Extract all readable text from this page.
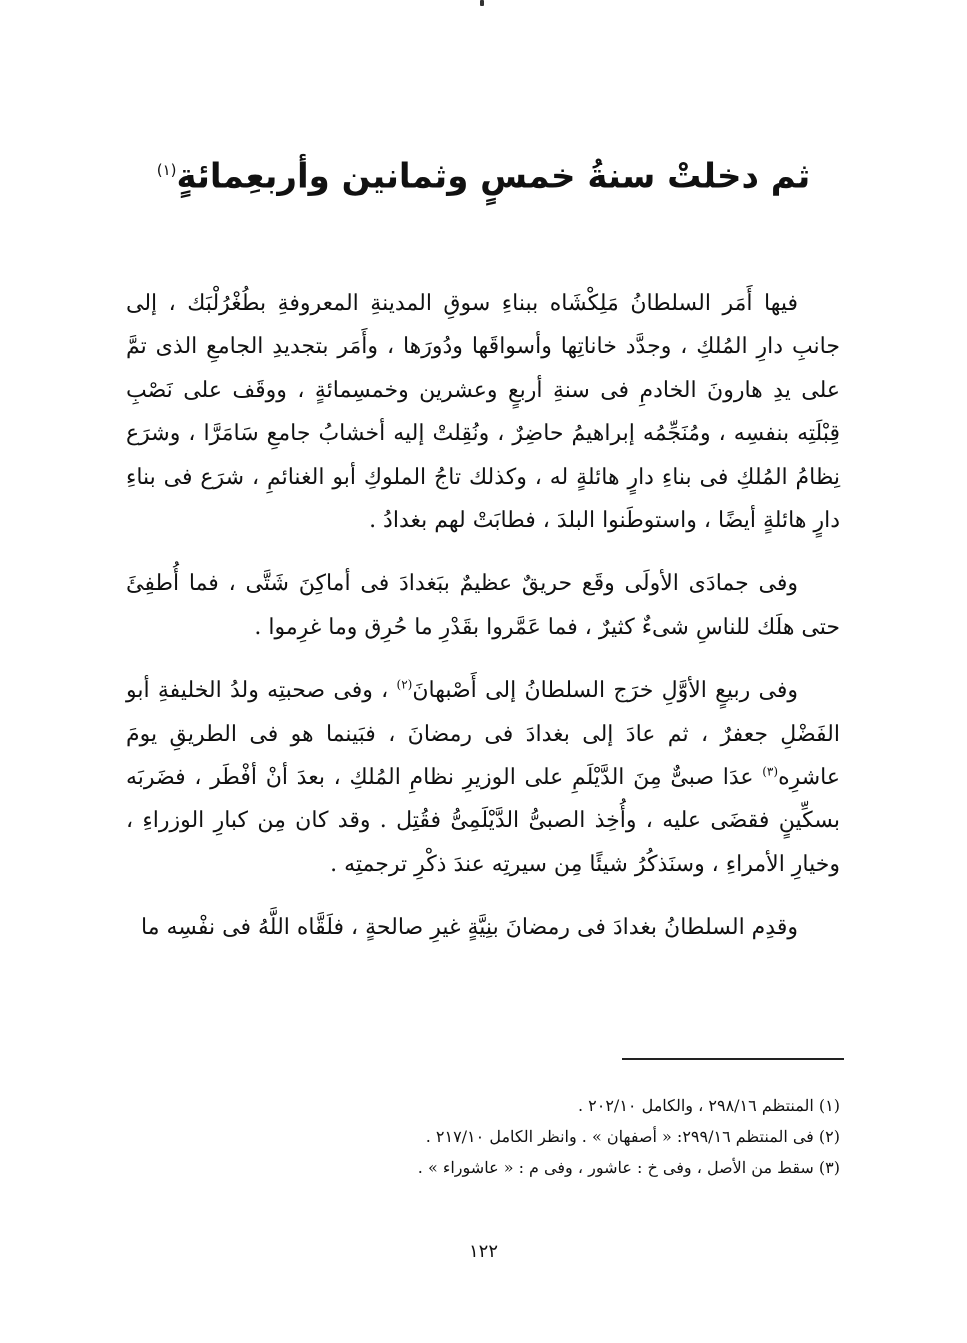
ثم دخلتْ سنةُ خمسٍ وثمانين وأربعِمائةٍ$^{(١)}$

فيها أَمَر السلطانُ مَلِكْشَاه ببناءِ سوقِ المدينةِ المعروفةِ بطُغْرُلْبَك ، إلى جانبِ دارِ المُلكِ ، وجدَّد خاناتِها وأسواقَها ودُورَها ، وأَمَر بتجديدِ الجامعِ الذى تمَّ على يدِ هارونَ الخادمِ فى سنةِ أربعٍ وعشرين وخمسِمائةٍ ، ووقَف على نَصْبِ قِبْلَتِه بنفسِه ، ومُنَجِّمُه إبراهيمُ حاضِرٌ ، ونُقِلتْ إليه أخشابُ جامعِ سَامَرَّا ، وشرَع نِظامُ المُلكِ فى بناءِ دارٍ هائلةٍ له ، وكذلك تاجُ الملوكِ أبو الغنائمِ ، شرَع فى بناءِ دارٍ هائلةٍ أيضًا ، واستوطَنوا البلدَ ، فطابَتْ لهم بغدادُ .

وفى جمادَى الأولَى وقَع حريقٌ عظيمٌ ببَغدادَ فى أماكِنَ شَتَّى ، فما أُطفِئَ حتى هلَك للناسِ شىءٌ كثيرٌ ، فما عَمَّروا بقَدْرِ ما حُرِق وما غرِموا .

وفى ربيعٍ الأوَّلِ خرَج السلطانُ إلى أَصْبهانَ$^{(٢)}$ ، وفى صحبتِه ولدُ الخليفةِ أبو الفَضْلِ جعفرٌ ، ثم عادَ إلى بغدادَ فى رمضانَ ، فبَينما هو فى الطريقِ يومَ عاشرِه$^{(٣)}$ عدَا صبىٌّ مِنَ الدَّيْلَمِ على الوزيرِ نظامِ المُلكِ ، بعدَ أنْ أفْطَر ، فضَربَه بسكِّينٍ فقضَى عليه ، وأُخِذ الصبىُّ الدَّيْلَمِىُّ فقُتِل . وقد كان مِن كبارِ الوزراءِ ، وخيارِ الأمراءِ ، وسنَذكُرُ شيئًا مِن سيرتِه عندَ ذكْرِ ترجمتِه .

وقدِم السلطانُ بغدادَ فى رمضانَ بنِيَّةٍ غيرِ صالحةٍ ، فلَقَّاه اللَّهُ فى نفْسِه ما

(١) المنتظم ٢٩٨/١٦ ، والكامل ٢٠٢/١٠ .

(٢) فى المنتظم ٢٩٩/١٦: « أصفهان » . وانظر الكامل ٢١٧/١٠ .

(٣) سقط من الأصل ، وفى خ : عاشور ، وفى م : « عاشوراء » .

١٢٢
